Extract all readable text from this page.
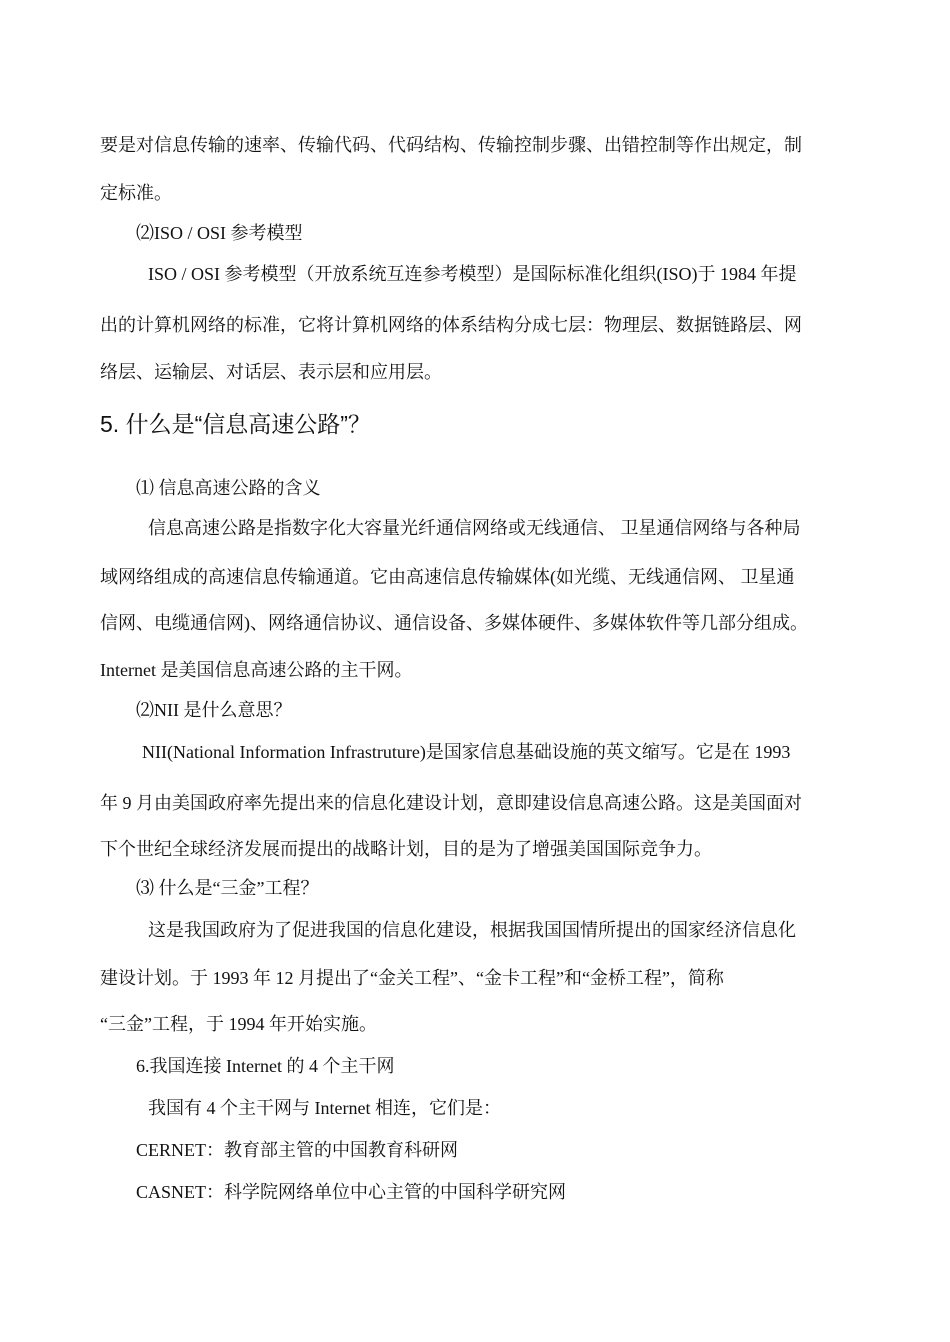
要是对信息传输的速率、传输代码、代码结构、传输控制步骤、出错控制等作出规定，制
定标准。
⑵ISO / OSI 参考模型
ISO / OSI 参考模型（开放系统互连参考模型）是国际标准化组织(ISO)于 1984 年提
出的计算机网络的标准，它将计算机网络的体系结构分成七层：物理层、数据链路层、网
络层、运输层、对话层、表示层和应用层。
5. 什么是“信息高速公路”？
⑴ 信息高速公路的含义
信息高速公路是指数字化大容量光纤通信网络或无线通信、 卫星通信网络与各种局
域网络组成的高速信息传输通道。它由高速信息传输媒体(如光缆、无线通信网、 卫星通
信网、电缆通信网)、网络通信协议、通信设备、多媒体硬件、多媒体软件等几部分组成。
Internet 是美国信息高速公路的主干网。
⑵NII 是什么意思？
NII(National Information Infrastruture)是国家信息基础设施的英文缩写。它是在 1993
年 9 月由美国政府率先提出来的信息化建设计划，意即建设信息高速公路。这是美国面对
下个世纪全球经济发展而提出的战略计划，目的是为了增强美国国际竞争力。
⑶ 什么是“三金”工程？
这是我国政府为了促进我国的信息化建设，根据我国国情所提出的国家经济信息化
建设计划。于 1993 年 12 月提出了“金关工程”、“金卡工程”和“金桥工程”，简称
“三金”工程，于 1994 年开始实施。
6.我国连接 Internet 的 4 个主干网
我国有 4 个主干网与 Internet 相连，它们是：
CERNET：教育部主管的中国教育科研网
CASNET：科学院网络单位中心主管的中国科学研究网
